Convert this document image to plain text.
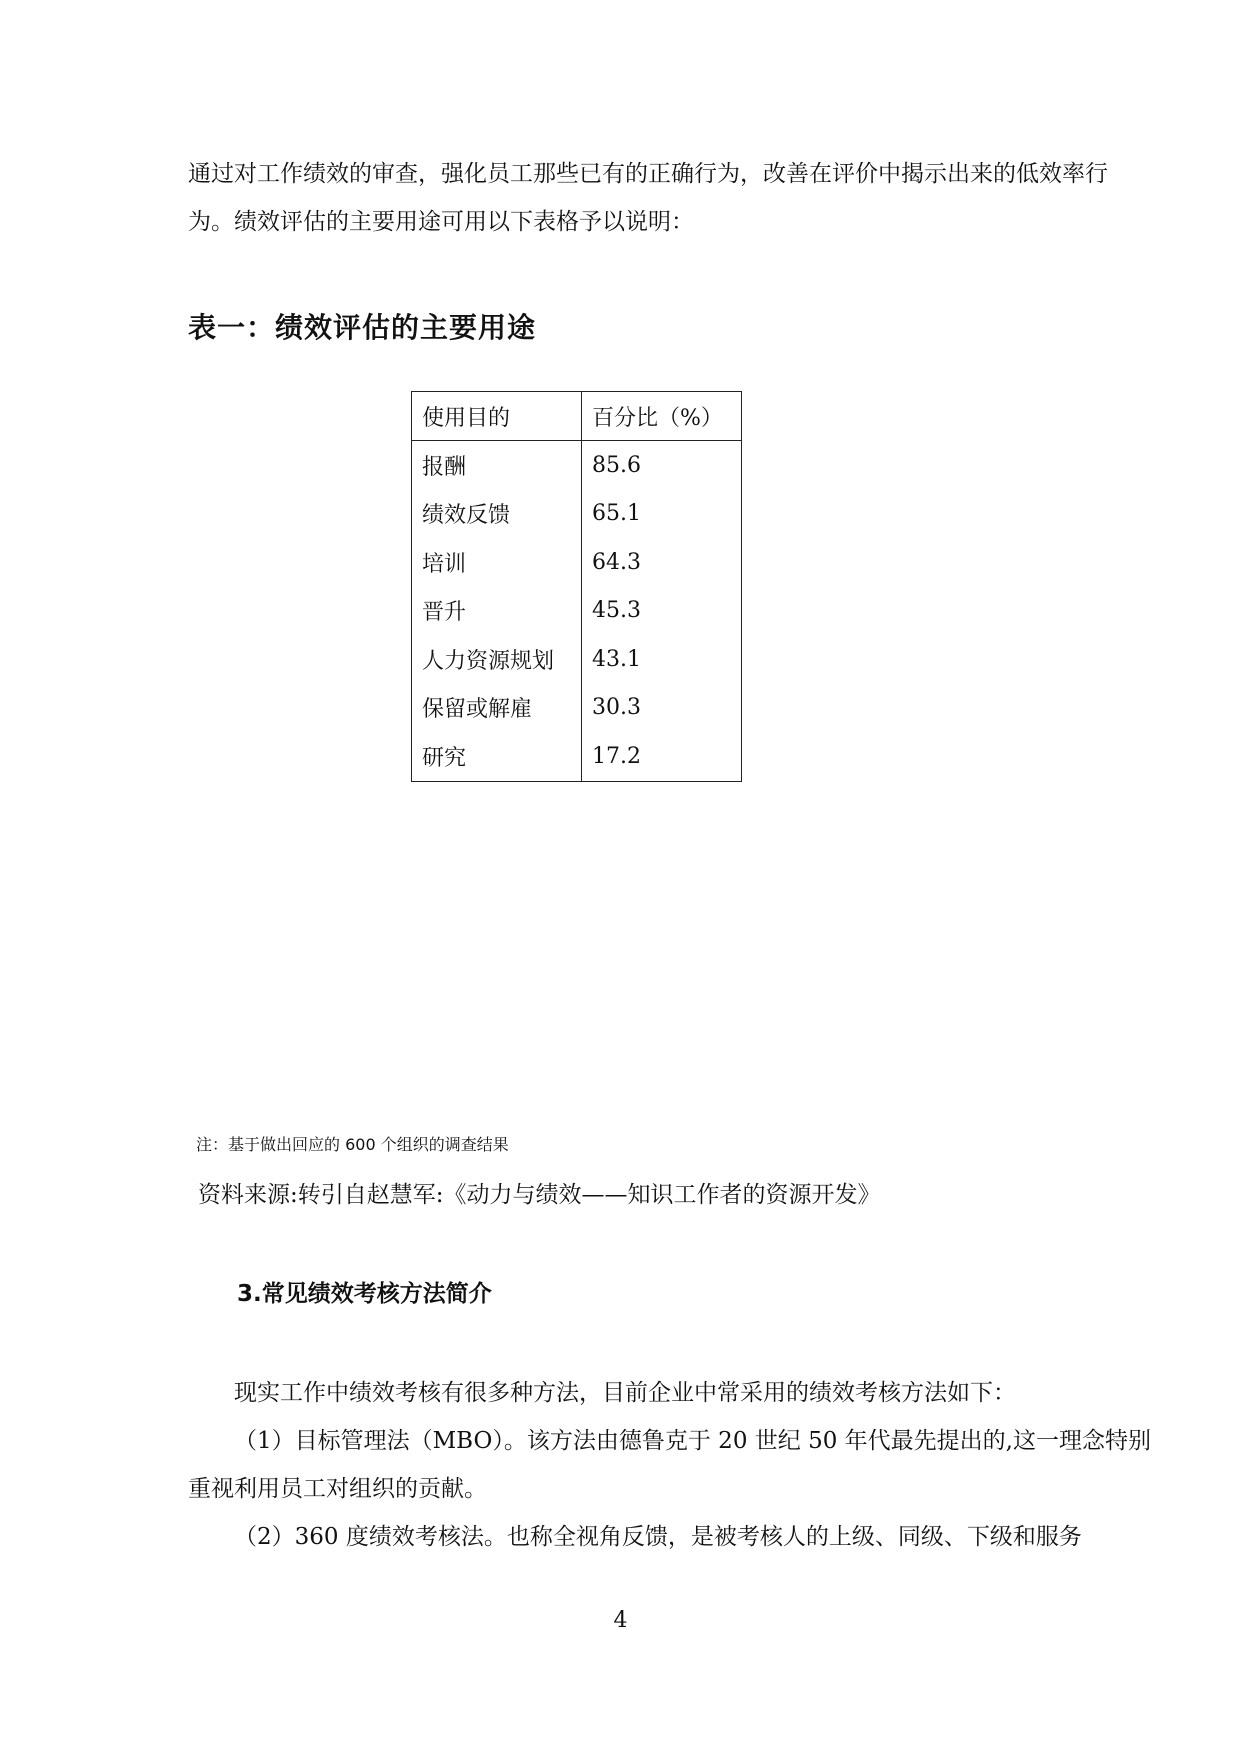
通过对工作绩效的审查，强化员工那些已有的正确行为，改善在评价中揭示出来的低效率行为。绩效评估的主要用途可用以下表格予以说明：

表一：绩效评估的主要用途
使用目的	百分比（%）
报酬	85.6
绩效反馈	65.1
培训	64.3
晋升	45.3
人力资源规划	43.1
保留或解雇	30.3
研究	17.2

注：基于做出回应的 600 个组织的调查结果

资料来源:转引自赵慧军:《动力与绩效——知识工作者的资源开发》

3.常见绩效考核方法简介

现实工作中绩效考核有很多种方法，目前企业中常采用的绩效考核方法如下：

（1）目标管理法（MBO）。该方法由德鲁克于 20 世纪 50 年代最先提出的,这一理念特别重视利用员工对组织的贡献。

（2）360 度绩效考核法。也称全视角反馈，是被考核人的上级、同级、下级和服务

4
